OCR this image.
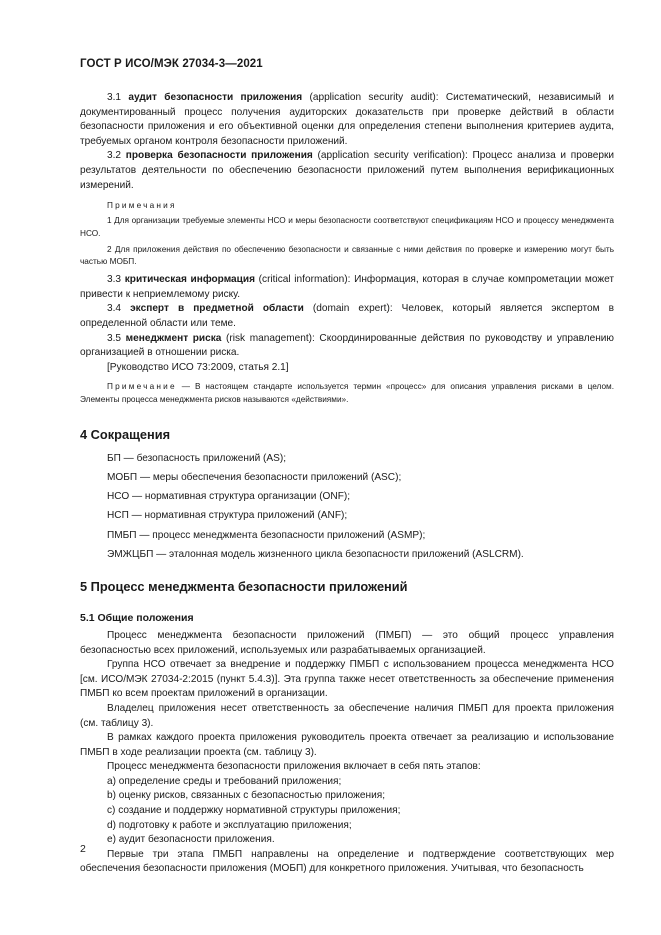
ГОСТ Р ИСО/МЭК 27034-3—2021

3.1 аудит безопасности приложения (application security audit): Систематический, независимый и документированный процесс получения аудиторских доказательств при проверке действий в области безопасности приложения и его объективной оценки для определения степени выполнения критериев аудита, требуемых органом контроля безопасности приложений.

3.2 проверка безопасности приложения (application security verification): Процесс анализа и проверки результатов деятельности по обеспечению безопасности приложений путем выполнения верификационных измерений.

Примечания

1 Для организации требуемые элементы НСО и меры безопасности соответствуют спецификациям НСО и процессу менеджмента НСО.

2 Для приложения действия по обеспечению безопасности и связанные с ними действия по проверке и измерению могут быть частью МОБП.

3.3 критическая информация (critical information): Информация, которая в случае компрометации может привести к неприемлемому риску.

3.4 эксперт в предметной области (domain expert): Человек, который является экспертом в определенной области или теме.

3.5 менеджмент риска (risk management): Скоординированные действия по руководству и управлению организацией в отношении риска.

[Руководство ИСО 73:2009, статья 2.1]

Примечание — В настоящем стандарте используется термин «процесс» для описания управления рисками в целом. Элементы процесса менеджмента рисков называются «действиями».

4 Сокращения

БП — безопасность приложений (AS);

МОБП — меры обеспечения безопасности приложений (ASC);

НСО — нормативная структура организации (ONF);

НСП — нормативная структура приложений (ANF);

ПМБП — процесс менеджмента безопасности приложений (ASMP);

ЭМЖЦБП — эталонная модель жизненного цикла безопасности приложений (ASLCRM).

5 Процесс менеджмента безопасности приложений
5.1 Общие положения

Процесс менеджмента безопасности приложений (ПМБП) — это общий процесс управления безопасностью всех приложений, используемых или разрабатываемых организацией.

Группа НСО отвечает за внедрение и поддержку ПМБП с использованием процесса менеджмента НСО [см. ИСО/МЭК 27034-2:2015 (пункт 5.4.3)]. Эта группа также несет ответственность за обеспечение применения ПМБП ко всем проектам приложений в организации.

Владелец приложения несет ответственность за обеспечение наличия ПМБП для проекта приложения (см. таблицу 3).

В рамках каждого проекта приложения руководитель проекта отвечает за реализацию и использование ПМБП в ходе реализации проекта (см. таблицу 3).

Процесс менеджмента безопасности приложения включает в себя пять этапов:

a) определение среды и требований приложения;

b) оценку рисков, связанных с безопасностью приложения;

c) создание и поддержку нормативной структуры приложения;

d) подготовку к работе и эксплуатацию приложения;

e) аудит безопасности приложения.

Первые три этапа ПМБП направлены на определение и подтверждение соответствующих мер обеспечения безопасности приложения (МОБП) для конкретного приложения. Учитывая, что безопасность

2
